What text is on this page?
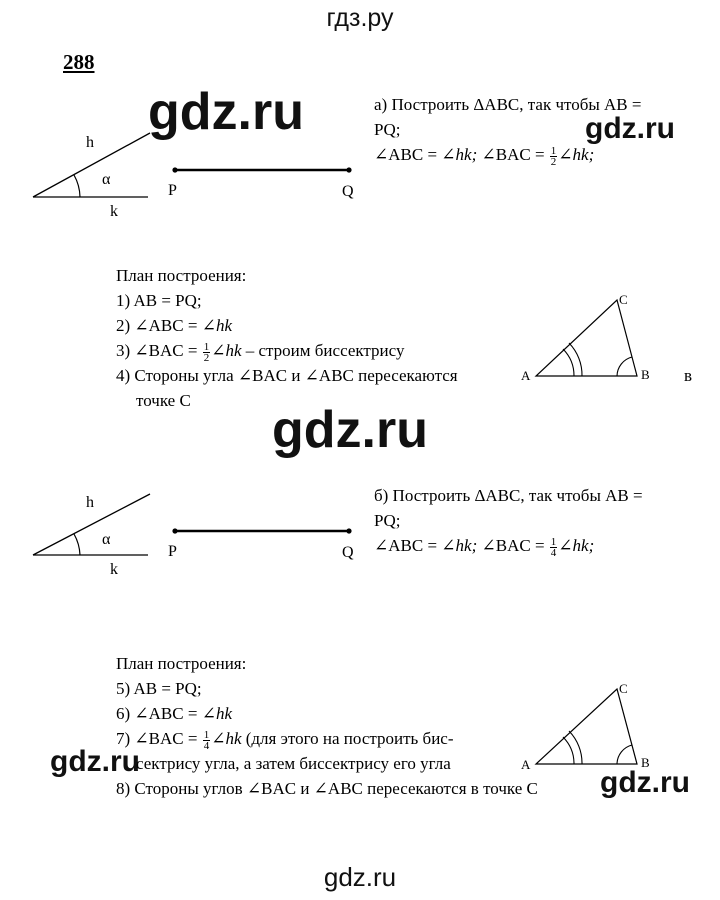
гдз.ру
gdz.ru	gdz.ru
gdz.ru
gdz.ru
gdz.ru
gdz.ru
288
h
α
k
P	Q
а) Построить ΔABC, так чтобы AB =
PQ;
∠ABC = ∠hk; ∠BAC = $\frac{1}{2}$ ∠hk;
План построения:
1) AB = PQ;
2) ∠ABC = ∠hk
3) ∠BAC = $\frac{1}{2}$ ∠hk – строим биссектрису
4) Стороны угла ∠BAC и ∠ABC пересекаются
точке С
в
A	B
C
h
α
k
P	Q
б) Построить ΔABC, так чтобы AB =
PQ;
∠ABC = ∠hk; ∠BAC = $\frac{1}{4}$ ∠hk;
План построения:
5) AB = PQ;
6) ∠ABC = ∠hk
7) ∠BAC = $\frac{1}{4}$ ∠hk (для этого на построить бис-
сектрису угла, а затем биссектрису его угла
8) Стороны углов ∠BAC и ∠ABC пересекаются в точке С
A	B
C
